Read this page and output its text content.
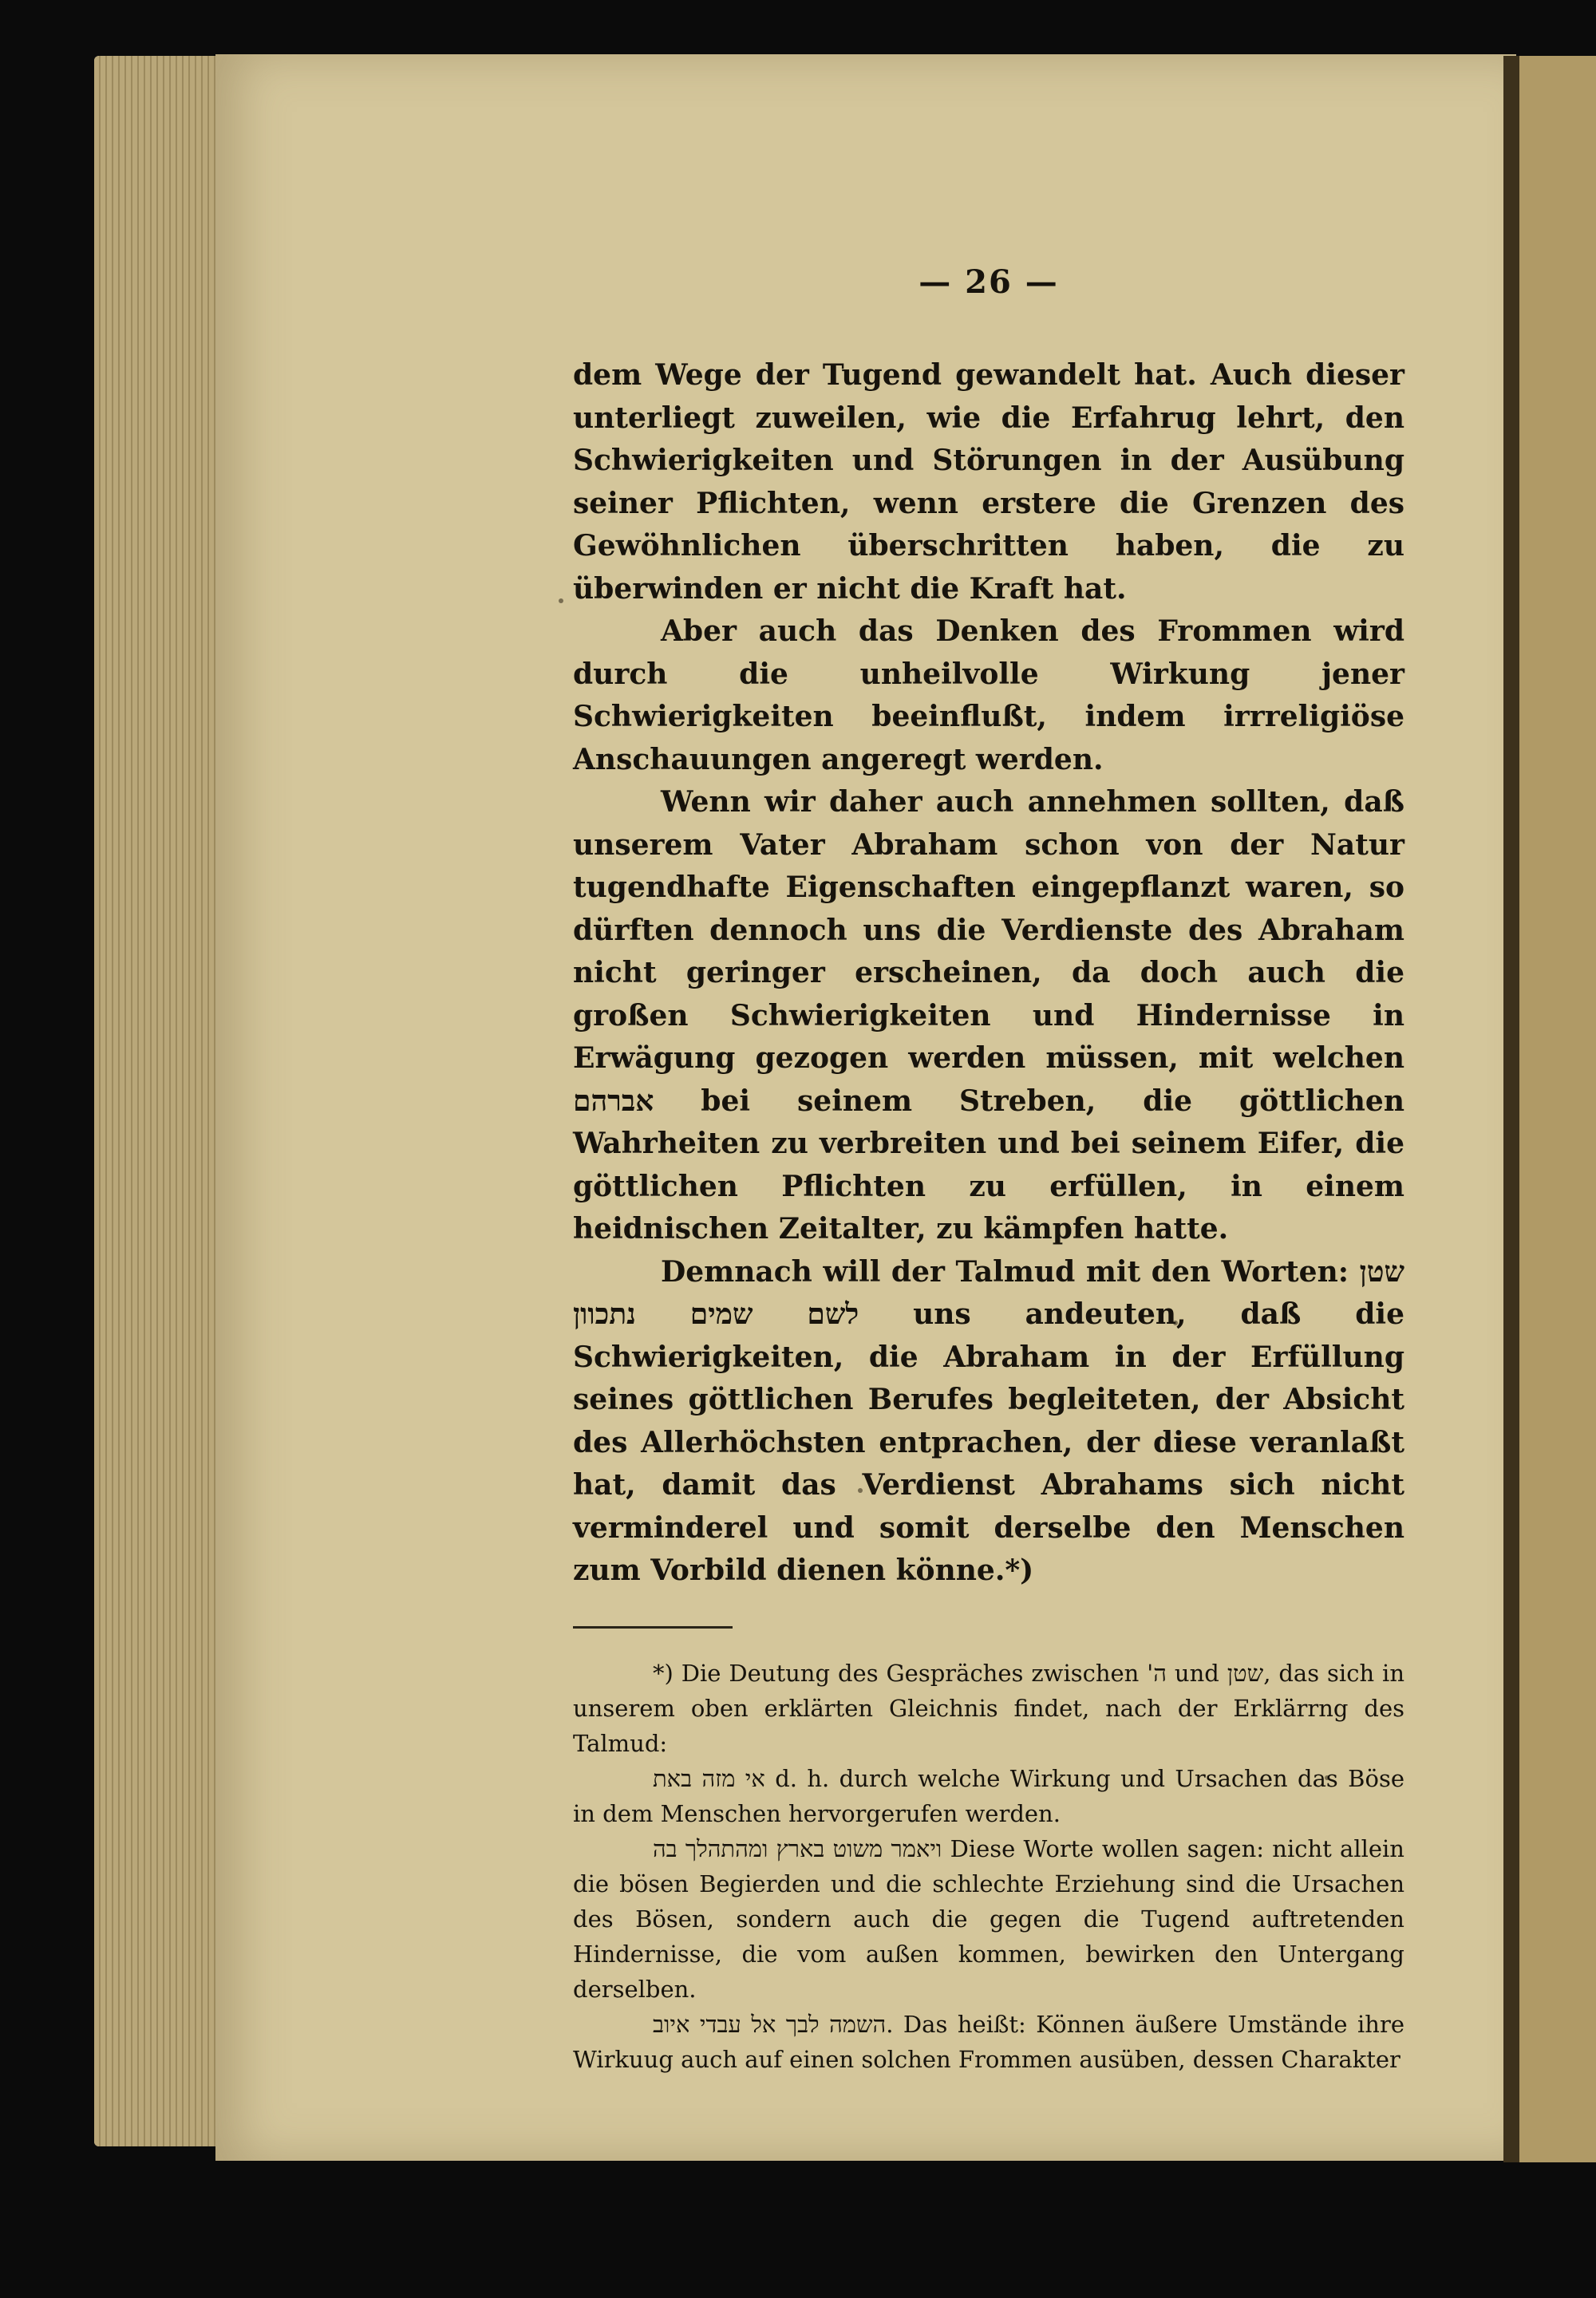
— 26 —

dem Wege der Tugend gewandelt hat. Auch dieser unterliegt zuweilen, wie die Erfahrug lehrt, den Schwierigkeiten und Störungen in der Ausübung seiner Pflichten, wenn erstere die Grenzen des Gewöhnlichen überschritten haben, die zu überwinden er nicht die Kraft hat.

Aber auch das Denken des Frommen wird durch die unheilvolle Wirkung jener Schwierigkeiten beeinflußt, indem irrreligiöse Anschauungen angeregt werden.

Wenn wir daher auch annehmen sollten, daß unserem Vater Abraham schon von der Natur tugendhafte Eigenschaften eingepflanzt waren, so dürften dennoch uns die Verdienste des Abraham nicht geringer erscheinen, da doch auch die großen Schwierigkeiten und Hindernisse in Erwägung gezogen werden müssen, mit welchen אברהם bei seinem Streben, die göttlichen Wahrheiten zu verbreiten und bei seinem Eifer, die göttlichen Pflichten zu erfüllen, in einem heidnischen Zeitalter, zu kämpfen hatte.

Demnach will der Talmud mit den Worten: שטן לשם שמים נתכוון uns andeuten, daß die Schwierigkeiten, die Abraham in der Erfüllung seines göttlichen Berufes begleiteten, der Absicht des Allerhöchsten entprachen, der diese veranlaßt hat, damit das Verdienst Abrahams sich nicht verminderel und somit derselbe den Menschen zum Vorbild dienen könne.*)

*) Die Deutung des Gespräches zwischen 'ה und שטן, das sich in unserem oben erklärten Gleichnis findet, nach der Erklärrng des Talmud:

אי מזה באת d. h. durch welche Wirkung und Ursachen das Böse in dem Menschen hervorgerufen werden.

ויאמר משוט בארץ ומהתהלך בה Diese Worte wollen sagen: nicht allein die bösen Begierden und die schlechte Erziehung sind die Ursachen des Bösen, sondern auch die gegen die Tugend auftretenden Hindernisse, die vom außen kommen, bewirken den Untergang derselben.

השמה לבך אל עבדי איוב. Das heißt: Können äußere Umstände ihre Wirkuug auch auf einen solchen Frommen ausüben, dessen Charakter
